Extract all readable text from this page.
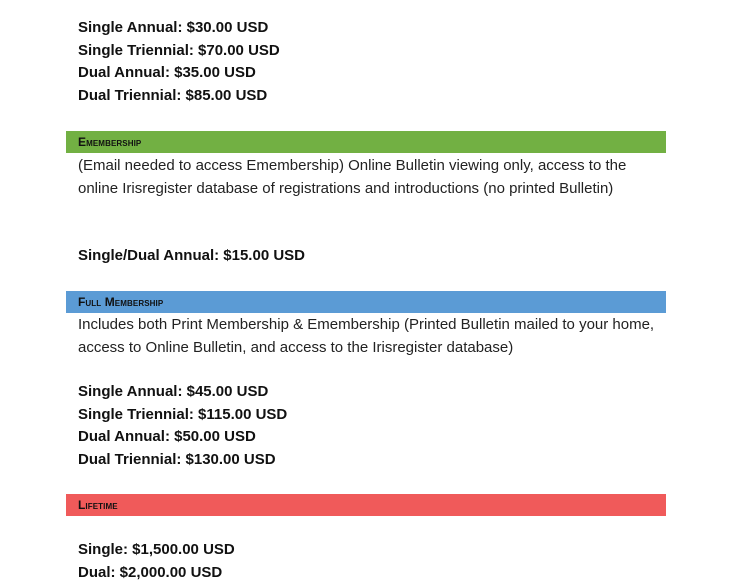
Single Annual: $30.00 USD
Single Triennial: $70.00 USD
Dual Annual: $35.00 USD
Dual Triennial: $85.00 USD
Emembership
(Email needed to access Emembership) Online Bulletin viewing only, access to the online Irisregister database of registrations and introductions (no printed Bulletin)
Single/Dual Annual: $15.00 USD
Full Membership
Includes both Print Membership & Emembership (Printed Bulletin mailed to your home, access to Online Bulletin, and access to the Irisregister database)
Single Annual: $45.00 USD
Single Triennial: $115.00 USD
Dual Annual: $50.00 USD
Dual Triennial: $130.00 USD
Lifetime
Single: $1,500.00 USD
Dual: $2,000.00 USD
